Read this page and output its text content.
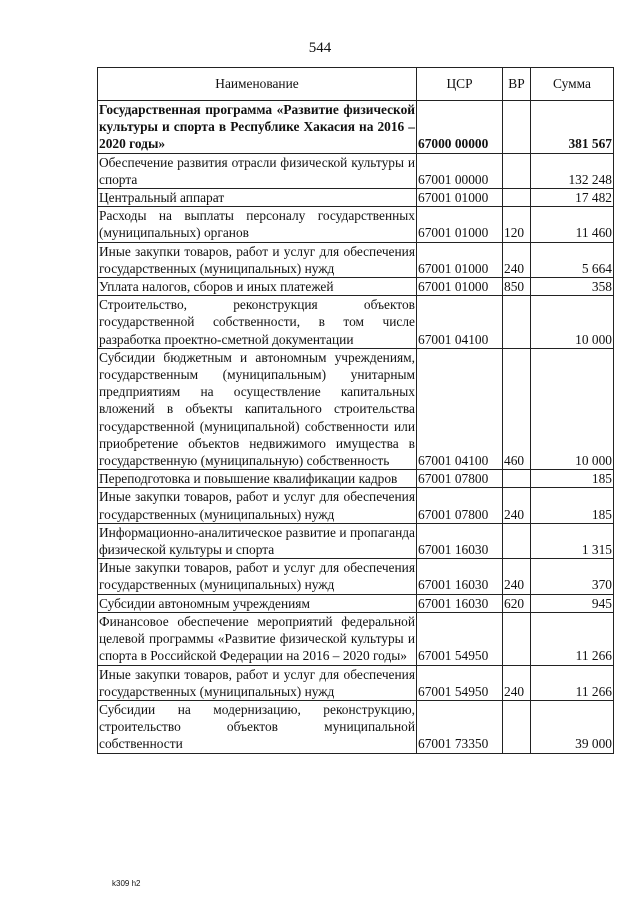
544
Наименование	ЦСР	ВР	Сумма
Государственная программа «Развитие физической культуры и спорта в Республике Хакасия на 2016 – 2020 годы»	67000 00000		381 567
Обеспечение развития отрасли физической культуры и спорта	67001 00000		132 248
Центральный аппарат	67001 01000		17 482
Расходы на выплаты персоналу государственных (муниципальных) органов	67001 01000	120	11 460
Иные закупки товаров, работ и услуг для обеспечения государственных (муниципальных) нужд	67001 01000	240	5 664
Уплата налогов, сборов и иных платежей	67001 01000	850	358
Строительство, реконструкция объектов государственной собственности, в том числе разработка проектно-сметной документации	67001 04100		10 000
Субсидии бюджетным и автономным учреждениям, государственным (муниципальным) унитарным предприятиям на осуществление капитальных вложений в объекты капитального строительства государственной (муниципальной) собственности или приобретение объектов недвижимого имущества в государственную (муниципальную) собственность	67001 04100	460	10 000
Переподготовка и повышение квалификации кадров	67001 07800		185
Иные закупки товаров, работ и услуг для обеспечения государственных (муниципальных) нужд	67001 07800	240	185
Информационно-аналитическое развитие и пропаганда физической культуры и спорта	67001 16030		1 315
Иные закупки товаров, работ и услуг для обеспечения государственных (муниципальных) нужд	67001 16030	240	370
Субсидии автономным учреждениям	67001 16030	620	945
Финансовое обеспечение мероприятий федеральной целевой программы «Развитие физической культуры и спорта в Российской Федерации на 2016 – 2020 годы»	67001 54950		11 266
Иные закупки товаров, работ и услуг для обеспечения государственных (муниципальных) нужд	67001 54950	240	11 266
Субсидии на модернизацию, реконструкцию, строительство объектов муниципальной собственности	67001 73350		39 000
k309 h2
